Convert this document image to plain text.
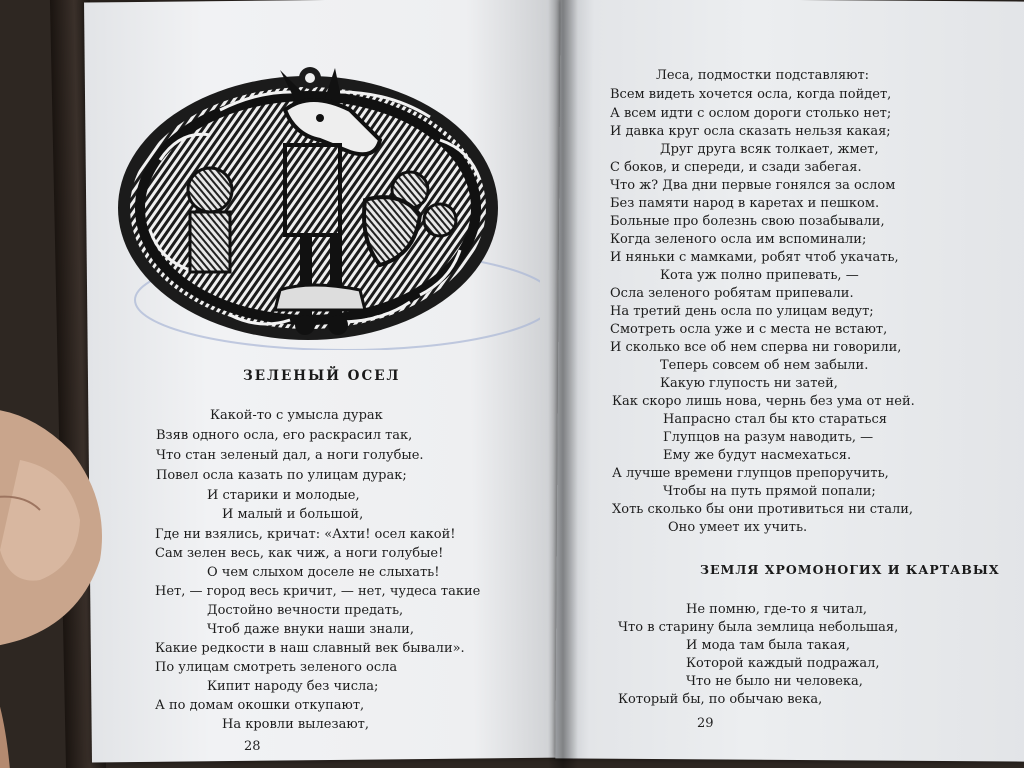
ЗЕЛЕНЫЙ ОСЕЛ
Какой-то с умысла дурак
Взяв одного осла, его раскрасил так,
Что стан зеленый дал, а ноги голубые.
Повел осла казать по улицам дурак;
И старики и молодые,
И малый и большой,
Где ни взялись, кричат: «Ахти! осел какой!
Сам зелен весь, как чиж, а ноги голубые!
О чем слыхом доселе не слыхать!
Нет, — город весь кричит, — нет, чудеса такие
Достойно вечности предать,
Чтоб даже внуки наши знали,
Какие редкости в наш славный век бывали».
По улицам смотреть зеленого осла
Кипит народу без числа;
А по домам окошки откупают,
На кровли вылезают,
28
Леса, подмостки подставляют:
Всем видеть хочется осла, когда пойдет,
А всем идти с ослом дороги столько нет;
И давка круг осла сказать нельзя какая;
Друг друга всяк толкает, жмет,
С боков, и спереди, и сзади забегая.
Что ж? Два дни первые гонялся за ослом
Без памяти народ в каретах и пешком.
Больные про болезнь свою позабывали,
Когда зеленого осла им вспоминали;
И няньки с мамками, робят чтоб укачать,
Кота уж полно припевать, —
Осла зеленого робятам припевали.
На третий день осла по улицам ведут;
Смотреть осла уже и с места не встают,
И сколько все об нем сперва ни говорили,
Теперь совсем об нем забыли.
Какую глупость ни затей,
Как скоро лишь нова, чернь без ума от ней.
Напрасно стал бы кто стараться
Глупцов на разум наводить, —
Ему же будут насмехаться.
А лучше времени глупцов препоручить,
Чтобы на путь прямой попали;
Хоть сколько бы они противиться ни стали,
Оно умеет их учить.
ЗЕМЛЯ ХРОМОНОГИХ И КАРТАВЫХ
Не помню, где-то я читал,
Что в старину была землица небольшая,
И мода там была такая,
Которой каждый подражал,
Что не было ни человека,
Который бы, по обычаю века,
29
